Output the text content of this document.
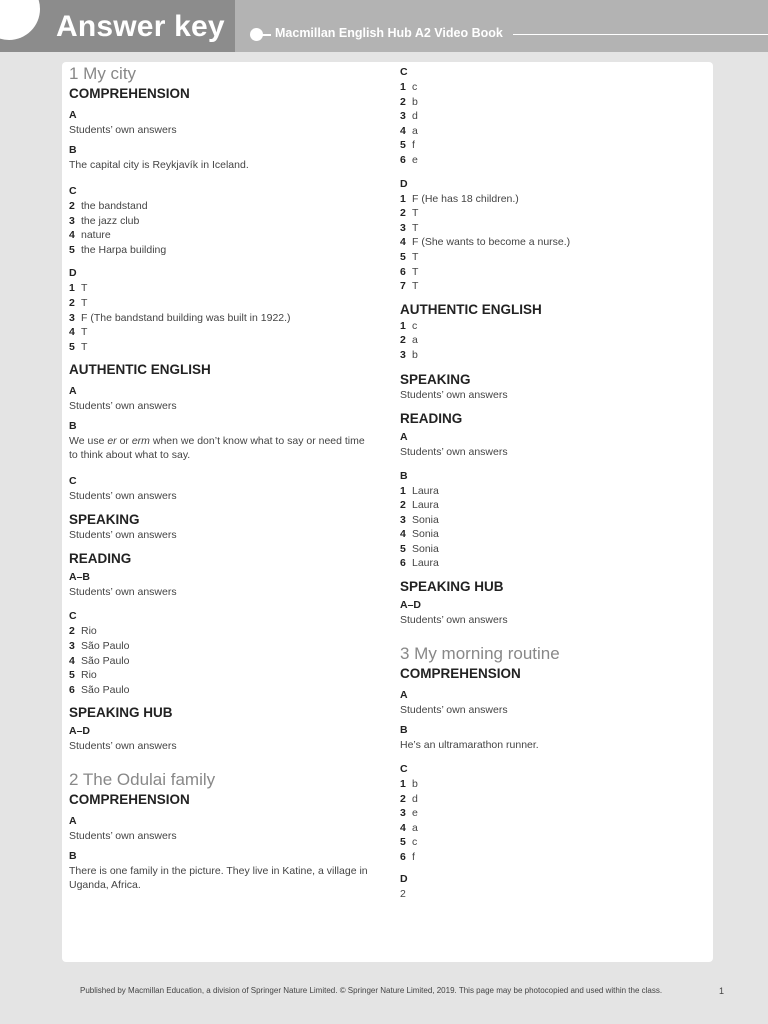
Answer key	Macmillan English Hub A2 Video Book
1 My city
COMPREHENSION
A
Students’ own answers
B
The capital city is Reykjavík in Iceland.
C
2 the bandstand
3 the jazz club
4 nature
5 the Harpa building
D
1 T
2 T
3 F (The bandstand building was built in 1922.)
4 T
5 T
AUTHENTIC ENGLISH
A
Students’ own answers
B
We use er or erm when we don’t know what to say or need time to think about what to say.
C
Students’ own answers
SPEAKING
Students’ own answers
READING
A–B
Students’ own answers
C
2 Rio
3 São Paulo
4 São Paulo
5 Rio
6 São Paulo
SPEAKING HUB
A–D
Students’ own answers
2 The Odulai family
COMPREHENSION
A
Students’ own answers
B
There is one family in the picture. They live in Katine, a village in Uganda, Africa.
C
1 c
2 b
3 d
4 a
5 f
6 e
D
1 F (He has 18 children.)
2 T
3 T
4 F (She wants to become a nurse.)
5 T
6 T
7 T
AUTHENTIC ENGLISH
1 c
2 a
3 b
SPEAKING
Students’ own answers
READING
A
Students’ own answers
B
1 Laura
2 Laura
3 Sonia
4 Sonia
5 Sonia
6 Laura
SPEAKING HUB
A–D
Students’ own answers
3 My morning routine
COMPREHENSION
A
Students’ own answers
B
He’s an ultramarathon runner.
C
1 b
2 d
3 e
4 a
5 c
6 f
D
2
Published by Macmillan Education, a division of Springer Nature Limited. © Springer Nature Limited, 2019. This page may be photocopied and used within the class.	1
